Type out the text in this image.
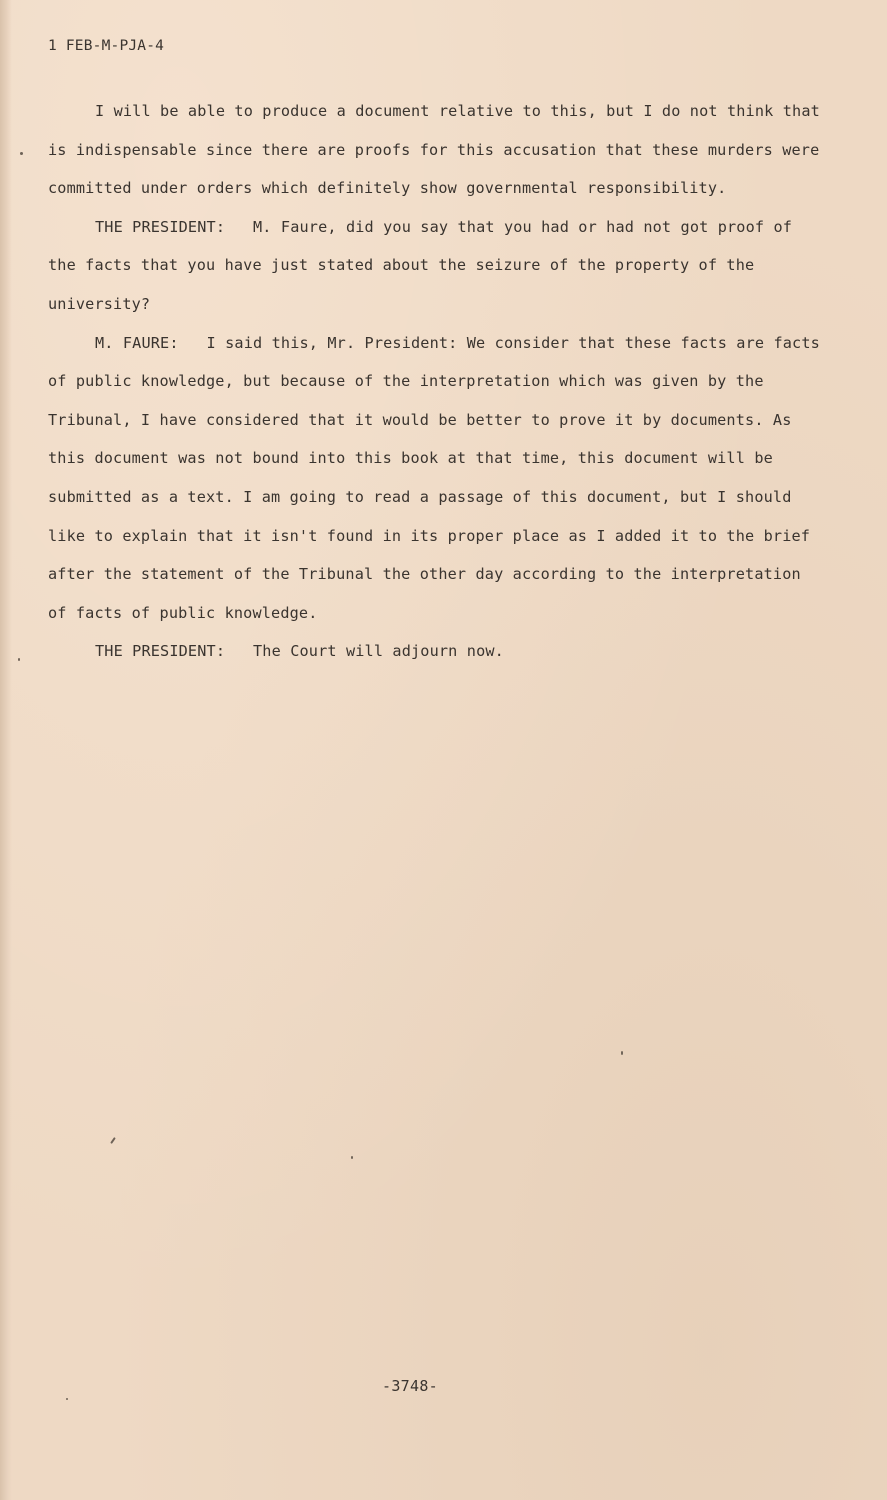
1 FEB-M-PJA-4

I will be able to produce a document relative to this, but I do not think that is indispensable since there are proofs for this accusation that these murders were committed under orders which definitely show governmental responsibility.

THE PRESIDENT: M. Faure, did you say that you had or had not got proof of the facts that you have just stated about the seizure of the property of the university?

M. FAURE: I said this, Mr. President: We consider that these facts are facts of public knowledge, but because of the interpretation which was given by the Tribunal, I have considered that it would be better to prove it by documents. As this document was not bound into this book at that time, this document will be submitted as a text. I am going to read a passage of this document, but I should like to explain that it isn't found in its proper place as I added it to the brief after the statement of the Tribunal the other day according to the interpretation of facts of public knowledge.

THE PRESIDENT: The Court will adjourn now.

-3748-
